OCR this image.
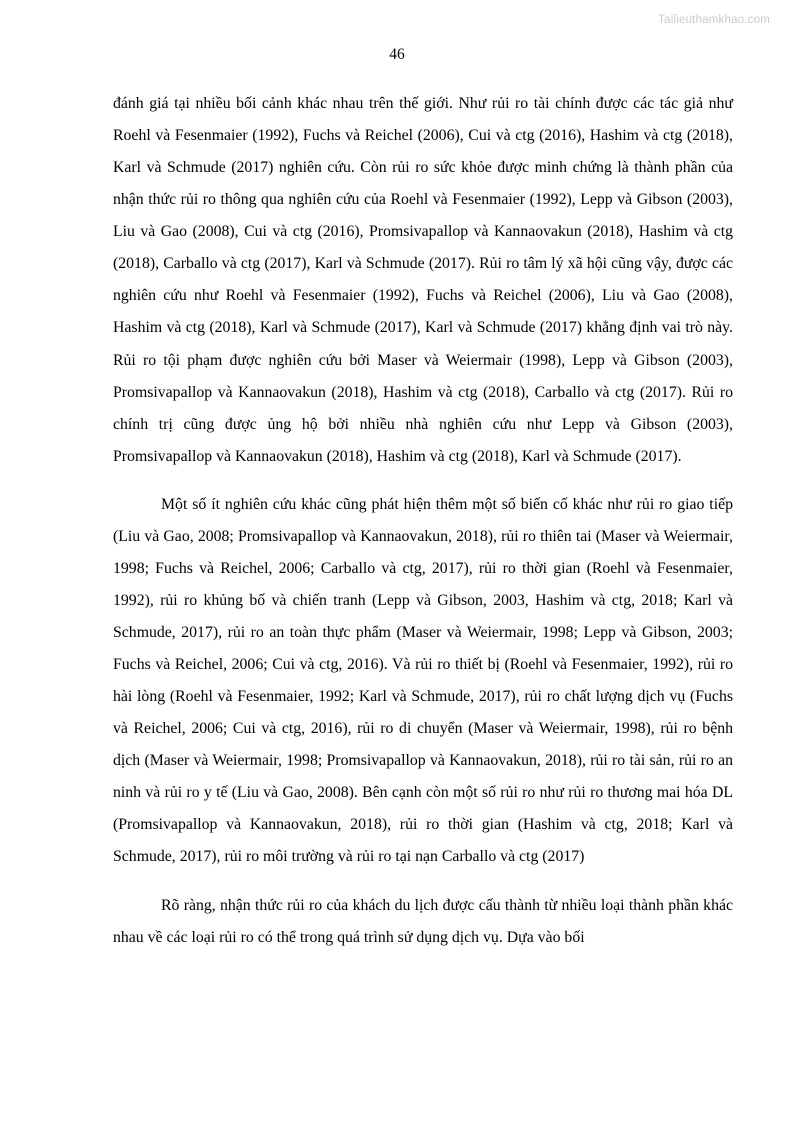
Tailieuthamkhao.com
46

đánh giá tại nhiều bối cảnh khác nhau trên thế giới. Như rủi ro tài chính được các tác giả như Roehl và Fesenmaier (1992), Fuchs và Reichel (2006), Cui và ctg (2016), Hashim và ctg (2018), Karl và Schmude (2017) nghiên cứu. Còn rủi ro sức khỏe được minh chứng là thành phần của nhận thức rủi ro thông qua nghiên cứu của Roehl và Fesenmaier (1992), Lepp và Gibson (2003), Liu và Gao (2008), Cui và ctg (2016), Promsivapallop và Kannaovakun (2018), Hashim và ctg (2018), Carballo và ctg (2017), Karl và Schmude (2017). Rủi ro tâm lý xã hội cũng vậy, được các nghiên cứu như Roehl và Fesenmaier (1992), Fuchs và Reichel (2006), Liu và Gao (2008), Hashim và ctg (2018), Karl và Schmude (2017), Karl và Schmude (2017) khẳng định vai trò này. Rủi ro tội phạm được nghiên cứu bởi Maser và Weiermair (1998), Lepp và Gibson (2003), Promsivapallop và Kannaovakun (2018), Hashim và ctg (2018), Carballo và ctg (2017). Rủi ro chính trị cũng được ủng hộ bởi nhiều nhà nghiên cứu như Lepp và Gibson (2003), Promsivapallop và Kannaovakun (2018), Hashim và ctg (2018), Karl và Schmude (2017).

Một số ít nghiên cứu khác cũng phát hiện thêm một số biến cố khác như rủi ro giao tiếp (Liu và Gao, 2008; Promsivapallop và Kannaovakun, 2018), rủi ro thiên tai (Maser và Weiermair, 1998; Fuchs và Reichel, 2006; Carballo và ctg, 2017), rủi ro thời gian (Roehl và Fesenmaier, 1992), rủi ro khủng bố và chiến tranh (Lepp và Gibson, 2003, Hashim và ctg, 2018; Karl và Schmude, 2017), rủi ro an toàn thực phẩm (Maser và Weiermair, 1998; Lepp và Gibson, 2003; Fuchs và Reichel, 2006; Cui và ctg, 2016). Và rủi ro thiết bị (Roehl và Fesenmaier, 1992), rủi ro hài lòng (Roehl và Fesenmaier, 1992; Karl và Schmude, 2017), rủi ro chất lượng dịch vụ (Fuchs và Reichel, 2006; Cui và ctg, 2016), rủi ro di chuyển (Maser và Weiermair, 1998), rủi ro bệnh dịch (Maser và Weiermair, 1998; Promsivapallop và Kannaovakun, 2018), rủi ro tài sản, rủi ro an ninh và rủi ro y tế (Liu và Gao, 2008). Bên cạnh còn một số rủi ro như rủi ro thương mai hóa DL (Promsivapallop và Kannaovakun, 2018), rủi ro thời gian (Hashim và ctg, 2018; Karl và Schmude, 2017), rủi ro môi trường và rủi ro tại nạn Carballo và ctg (2017)

Rõ ràng, nhận thức rủi ro của khách du lịch được cấu thành từ nhiều loại thành phần khác nhau về các loại rủi ro có thể trong quá trình sử dụng dịch vụ. Dựa vào bối
